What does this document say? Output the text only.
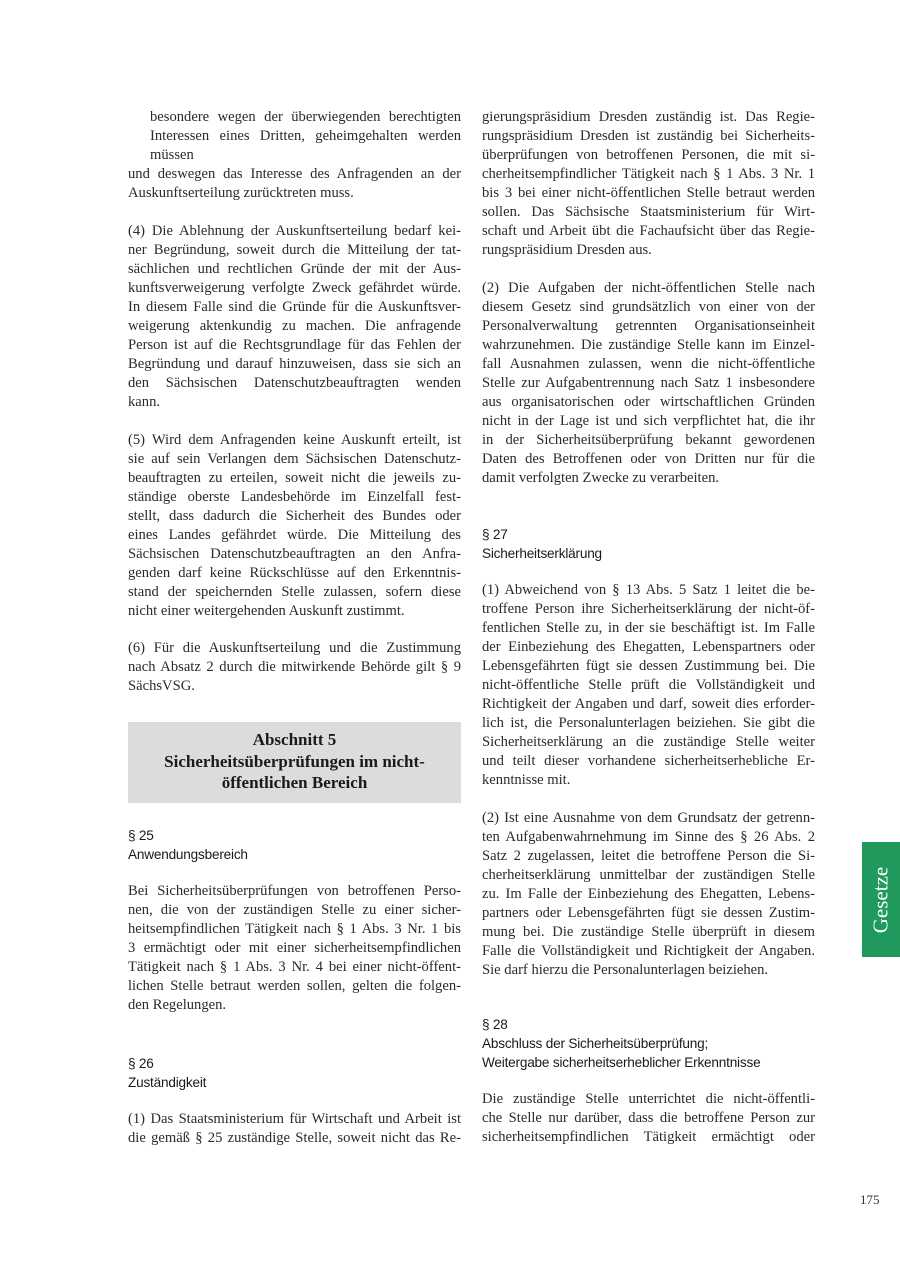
besondere wegen der überwiegenden berechtigten
Interessen eines Dritten, geheimgehalten werden
müssen
und deswegen das Interesse des Anfragenden an der
Auskunftserteilung zurücktreten muss.
(4) Die Ablehnung der Auskunftserteilung bedarf kei-
ner Begründung, soweit durch die Mitteilung der tat-
sächlichen und rechtlichen Gründe der mit der Aus-
kunftsverweigerung verfolgte Zweck gefährdet würde.
In diesem Falle sind die Gründe für die Auskunftsver-
weigerung aktenkundig zu machen. Die anfragende
Person ist auf die Rechtsgrundlage für das Fehlen der
Begründung und darauf hinzuweisen, dass sie sich an
den Sächsischen Datenschutzbeauftragten wenden
kann.
(5) Wird dem Anfragenden keine Auskunft erteilt, ist
sie auf sein Verlangen dem Sächsischen Datenschutz-
beauftragten zu erteilen, soweit nicht die jeweils zu-
ständige oberste Landesbehörde im Einzelfall fest-
stellt, dass dadurch die Sicherheit des Bundes oder
eines Landes gefährdet würde. Die Mitteilung des
Sächsischen Datenschutzbeauftragten an den Anfra-
genden darf keine Rückschlüsse auf den Erkenntnis-
stand der speichernden Stelle zulassen, sofern diese
nicht einer weitergehenden Auskunft zustimmt.
(6) Für die Auskunftserteilung und die Zustimmung
nach Absatz 2 durch die mitwirkende Behörde gilt § 9
SächsVSG.
Abschnitt 5
Sicherheitsüberprüfungen im nicht-
öffentlichen Bereich
§ 25
Anwendungsbereich
Bei Sicherheitsüberprüfungen von betroffenen Perso-
nen, die von der zuständigen Stelle zu einer sicher-
heitsempfindlichen Tätigkeit nach § 1 Abs. 3 Nr. 1 bis
3 ermächtigt oder mit einer sicherheitsempfindlichen
Tätigkeit nach § 1 Abs. 3 Nr. 4 bei einer nicht-öffent-
lichen Stelle betraut werden sollen, gelten die folgen-
den Regelungen.
§ 26
Zuständigkeit
(1) Das Staatsministerium für Wirtschaft und Arbeit ist
die gemäß § 25 zuständige Stelle, soweit nicht das Re-
gierungspräsidium Dresden zuständig ist. Das Regie-
rungspräsidium Dresden ist zuständig bei Sicherheits-
überprüfungen von betroffenen Personen, die mit si-
cherheitsempfindlicher Tätigkeit nach § 1 Abs. 3 Nr. 1
bis 3 bei einer nicht-öffentlichen Stelle betraut werden
sollen. Das Sächsische Staatsministerium für Wirt-
schaft und Arbeit übt die Fachaufsicht über das Regie-
rungspräsidium Dresden aus.
(2) Die Aufgaben der nicht-öffentlichen Stelle nach
diesem Gesetz sind grundsätzlich von einer von der
Personalverwaltung getrennten Organisationseinheit
wahrzunehmen. Die zuständige Stelle kann im Einzel-
fall Ausnahmen zulassen, wenn die nicht-öffentliche
Stelle zur Aufgabentrennung nach Satz 1 insbesondere
aus organisatorischen oder wirtschaftlichen Gründen
nicht in der Lage ist und sich verpflichtet hat, die ihr
in der Sicherheitsüberprüfung bekannt gewordenen
Daten des Betroffenen oder von Dritten nur für die
damit verfolgten Zwecke zu verarbeiten.
§ 27
Sicherheitserklärung
(1) Abweichend von § 13 Abs. 5 Satz 1 leitet die be-
troffene Person ihre Sicherheitserklärung der nicht-öf-
fentlichen Stelle zu, in der sie beschäftigt ist. Im Falle
der Einbeziehung des Ehegatten, Lebenspartners oder
Lebensgefährten fügt sie dessen Zustimmung bei. Die
nicht-öffentliche Stelle prüft die Vollständigkeit und
Richtigkeit der Angaben und darf, soweit dies erforder-
lich ist, die Personalunterlagen beiziehen. Sie gibt die
Sicherheitserklärung an die zuständige Stelle weiter
und teilt dieser vorhandene sicherheitserhebliche Er-
kenntnisse mit.
(2) Ist eine Ausnahme von dem Grundsatz der getrenn-
ten Aufgabenwahrnehmung im Sinne des § 26 Abs. 2
Satz 2 zugelassen, leitet die betroffene Person die Si-
cherheitserklärung unmittelbar der zuständigen Stelle
zu. Im Falle der Einbeziehung des Ehegatten, Lebens-
partners oder Lebensgefährten fügt sie dessen Zustim-
mung bei. Die zuständige Stelle überprüft in diesem
Falle die Vollständigkeit und Richtigkeit der Angaben.
Sie darf hierzu die Personalunterlagen beiziehen.
§ 28
Abschluss der Sicherheitsüberprüfung;
Weitergabe sicherheitserheblicher Erkenntnisse
Die zuständige Stelle unterrichtet die nicht-öffentli-
che Stelle nur darüber, dass die betroffene Person zur
sicherheitsempfindlichen Tätigkeit ermächtigt oder
Gesetze
175
